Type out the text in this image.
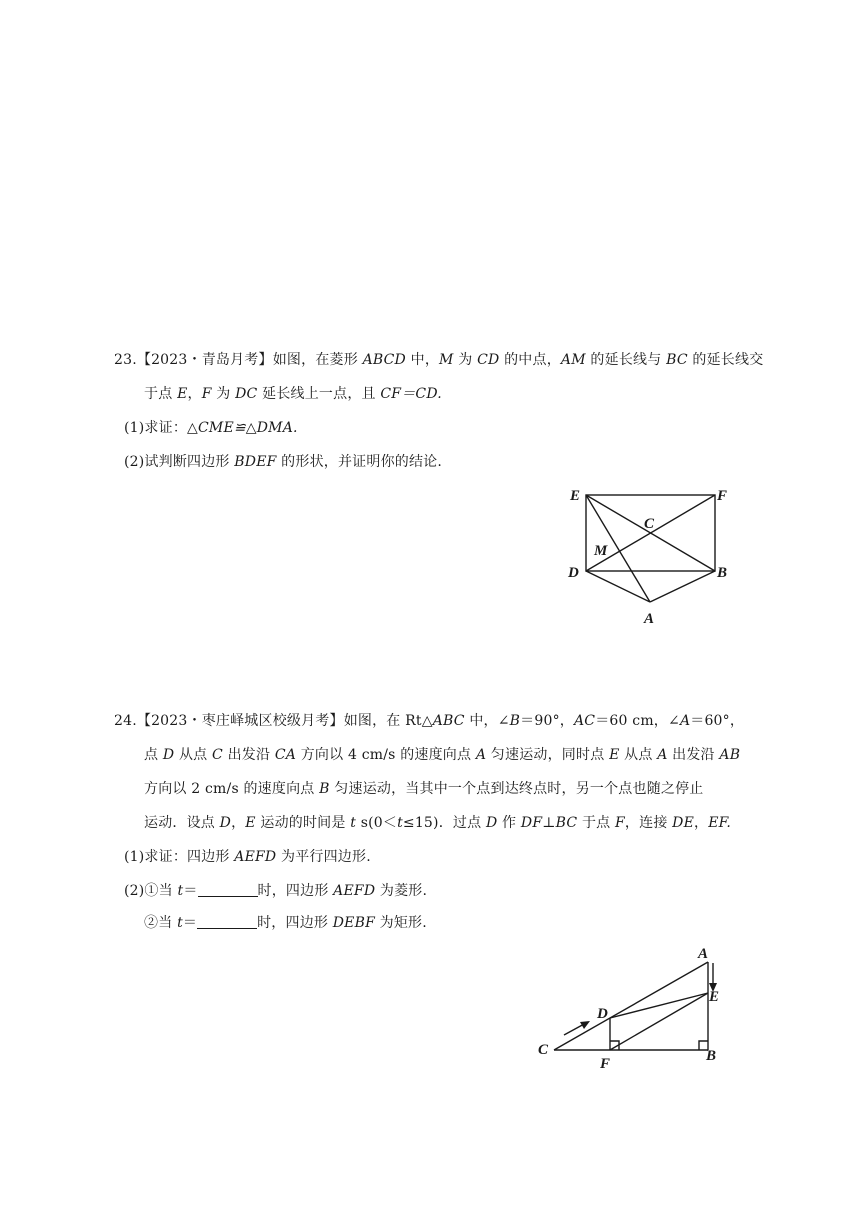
23.【2023・青岛月考】如图，在菱形 ABCD 中，M 为 CD 的中点，AM 的延长线与 BC 的延长线交
于点 E，F 为 DC 延长线上一点，且 CF＝CD.
(1)求证：△CME≌△DMA.
(2)试判断四边形 BDEF 的形状，并证明你的结论.
E	F
C
M
D	B
A
24.【2023・枣庄峄城区校级月考】如图，在 Rt△ABC 中，∠B＝90°，AC＝60 cm，∠A＝60°，
点 D 从点 C 出发沿 CA 方向以 4 cm/s 的速度向点 A 匀速运动，同时点 E 从点 A 出发沿 AB
方向以 2 cm/s 的速度向点 B 匀速运动，当其中一个点到达终点时，另一个点也随之停止
运动．设点 D，E 运动的时间是 t s(0＜t≤15)．过点 D 作 DF⊥BC 于点 F，连接 DE，EF.
(1)求证：四边形 AEFD 为平行四边形.
(2)①当 t＝	时，四边形 AEFD 为菱形.
②当 t＝	时，四边形 DEBF 为矩形.
A
E
D
C
F	B
